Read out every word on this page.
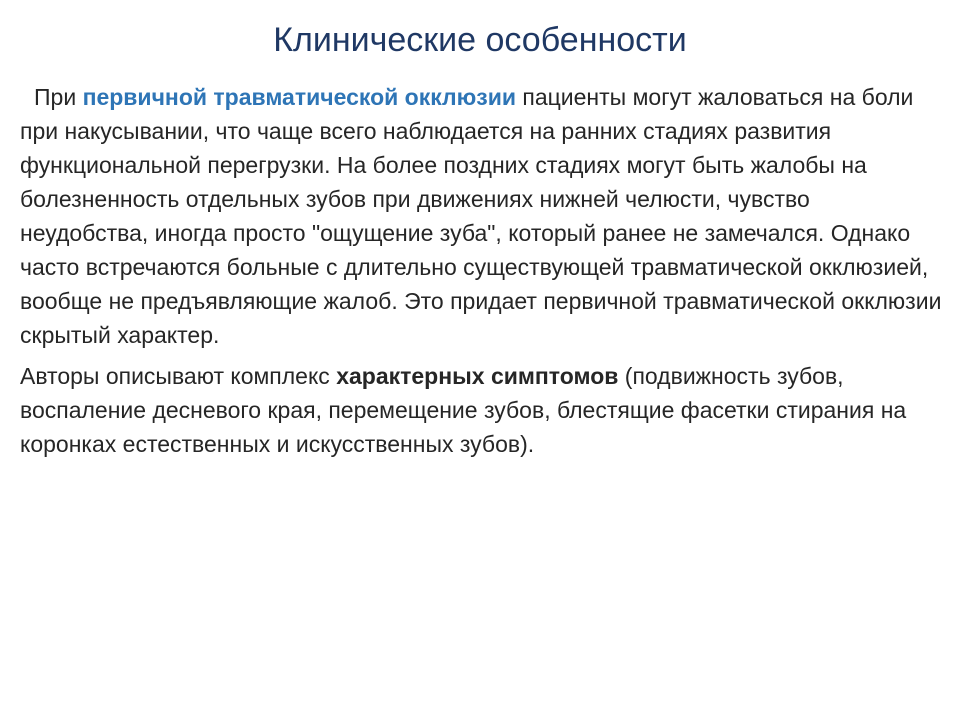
Клинические особенности

При первичной травматической окклюзии пациенты могут жаловаться на боли при накусывании, что чаще всего наблюдается на ранних стадиях развития функциональной перегрузки. На более поздних стадиях могут быть жалобы на болезненность отдельных зубов при движениях нижней челюсти, чувство неудобства, иногда просто "ощущение зуба", который ранее не замечался. Однако часто встречаются больные с длительно существующей травматической окклюзией, вообще не предъявляющие жалоб. Это придает первичной травматической окклюзии скрытый характер.

Авторы описывают комплекс характерных симптомов (подвижность зубов, воспаление десневого края, перемещение зубов, блестящие фасетки стирания на коронках естественных и искусственных зубов).
